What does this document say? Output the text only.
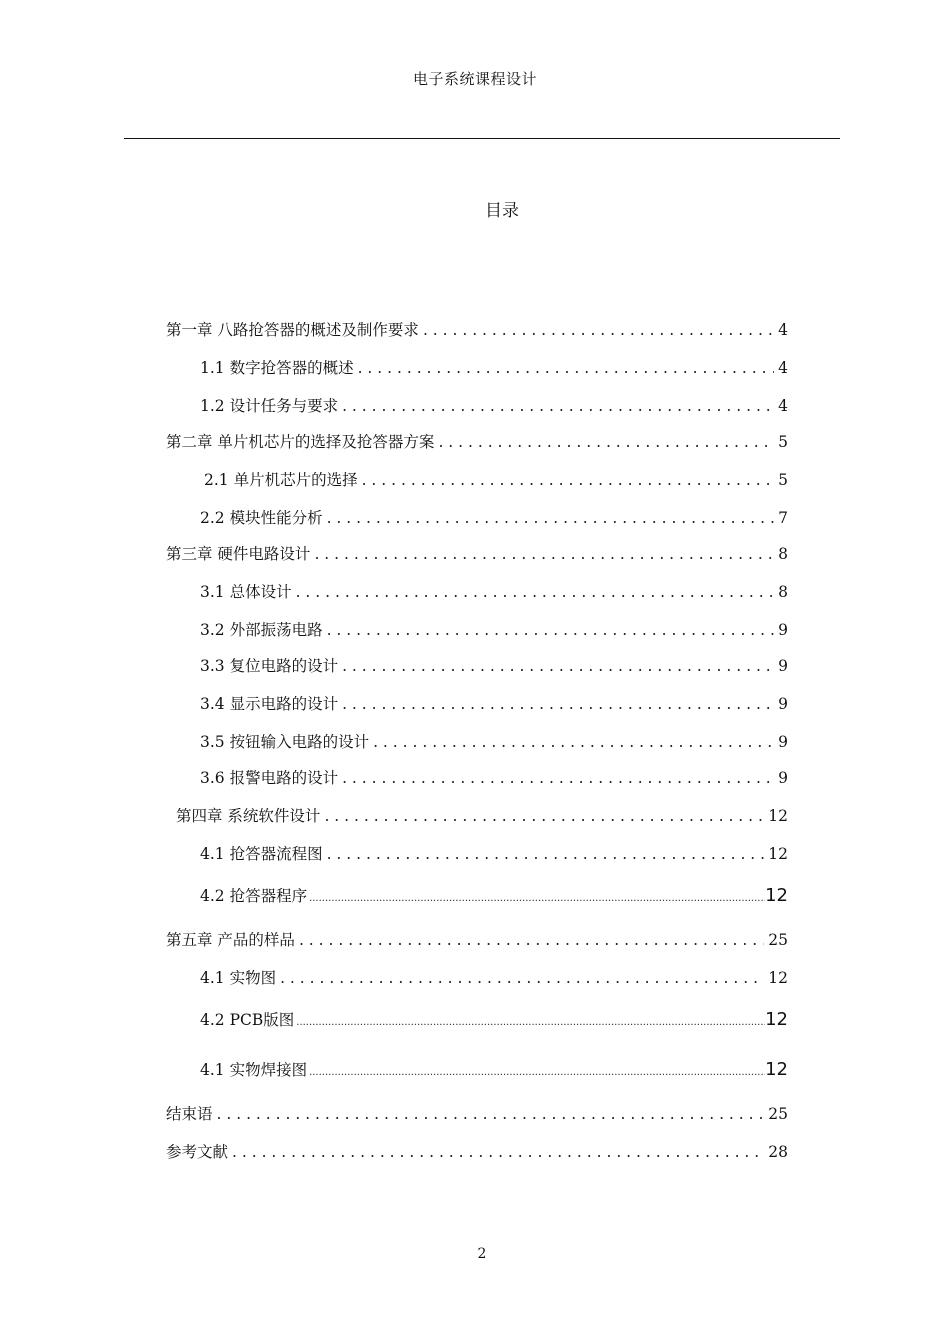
电子系统课程设计
目录
第一章 八路抢答器的概述及制作要求 . . .	4
1.1 数字抢答器的概述 . . .	4
1.2 设计任务与要求 . . .	4
第二章 单片机芯片的选择及抢答器方案 . . .	5
2.1 单片机芯片的选择 . . .	5
2.2 模块性能分析 . . .	7
第三章 硬件电路设计 . . .	8
3.1 总体设计 . . .	8
3.2 外部振荡电路 . . .	9
3.3 复位电路的设计 . . .	9
3.4 显示电路的设计 . . .	9
3.5 按钮输入电路的设计 . . .	9
3.6 报警电路的设计 . . .	9
第四章 系统软件设计 . . .	12
4.1 抢答器流程图 . . .	12
4.2 抢答器程序 .....	12
第五章 产品的样品 . . .	25
4.1 实物图 . . .	12
4.2 PCB版图 .....	12
4.1 实物焊接图 .....	12
结束语 . . .	25
参考文献 . . .	28
2
